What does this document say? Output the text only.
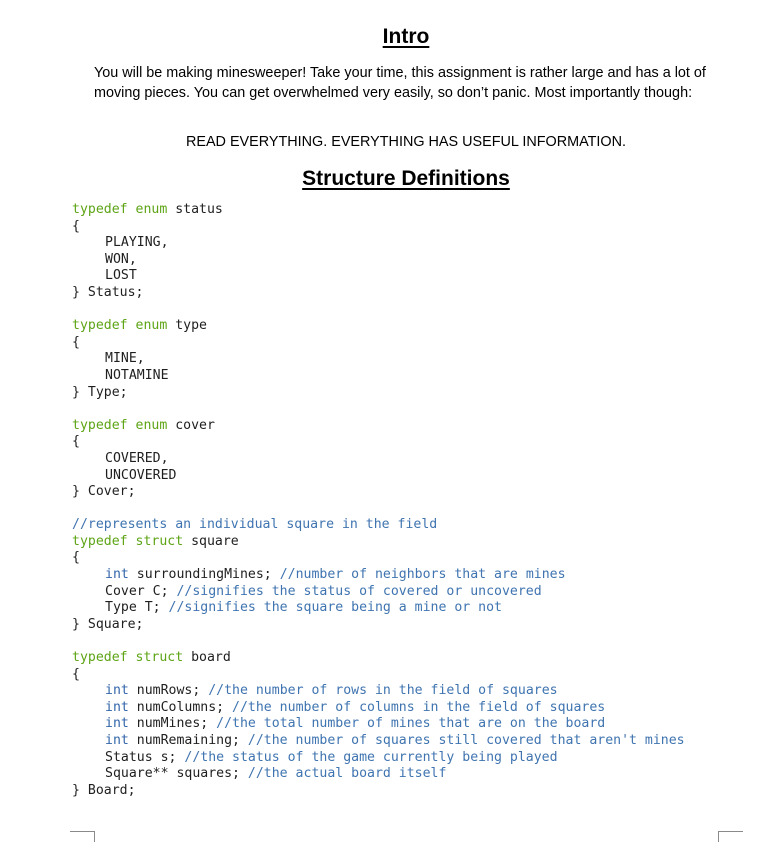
Intro

You will be making minesweeper! Take your time, this assignment is rather large and has a lot of moving pieces. You can get overwhelmed very easily, so don’t panic. Most importantly though:

READ EVERYTHING. EVERYTHING HAS USEFUL INFORMATION.

Structure Definitions
typedef enum status
{
PLAYING,
WON,
LOST
} Status;
typedef enum type
{
MINE,
NOTAMINE
} Type;
typedef enum cover
{
COVERED,
UNCOVERED
} Cover;
//represents an individual square in the field
typedef struct square
{
int surroundingMines; //number of neighbors that are mines
Cover C; //signifies the status of covered or uncovered
Type T; //signifies the square being a mine or not
} Square;
typedef struct board
{
int numRows; //the number of rows in the field of squares
int numColumns; //the number of columns in the field of squares
int numMines; //the total number of mines that are on the board
int numRemaining; //the number of squares still covered that aren't mines
Status s; //the status of the game currently being played
Square** squares; //the actual board itself
} Board;
